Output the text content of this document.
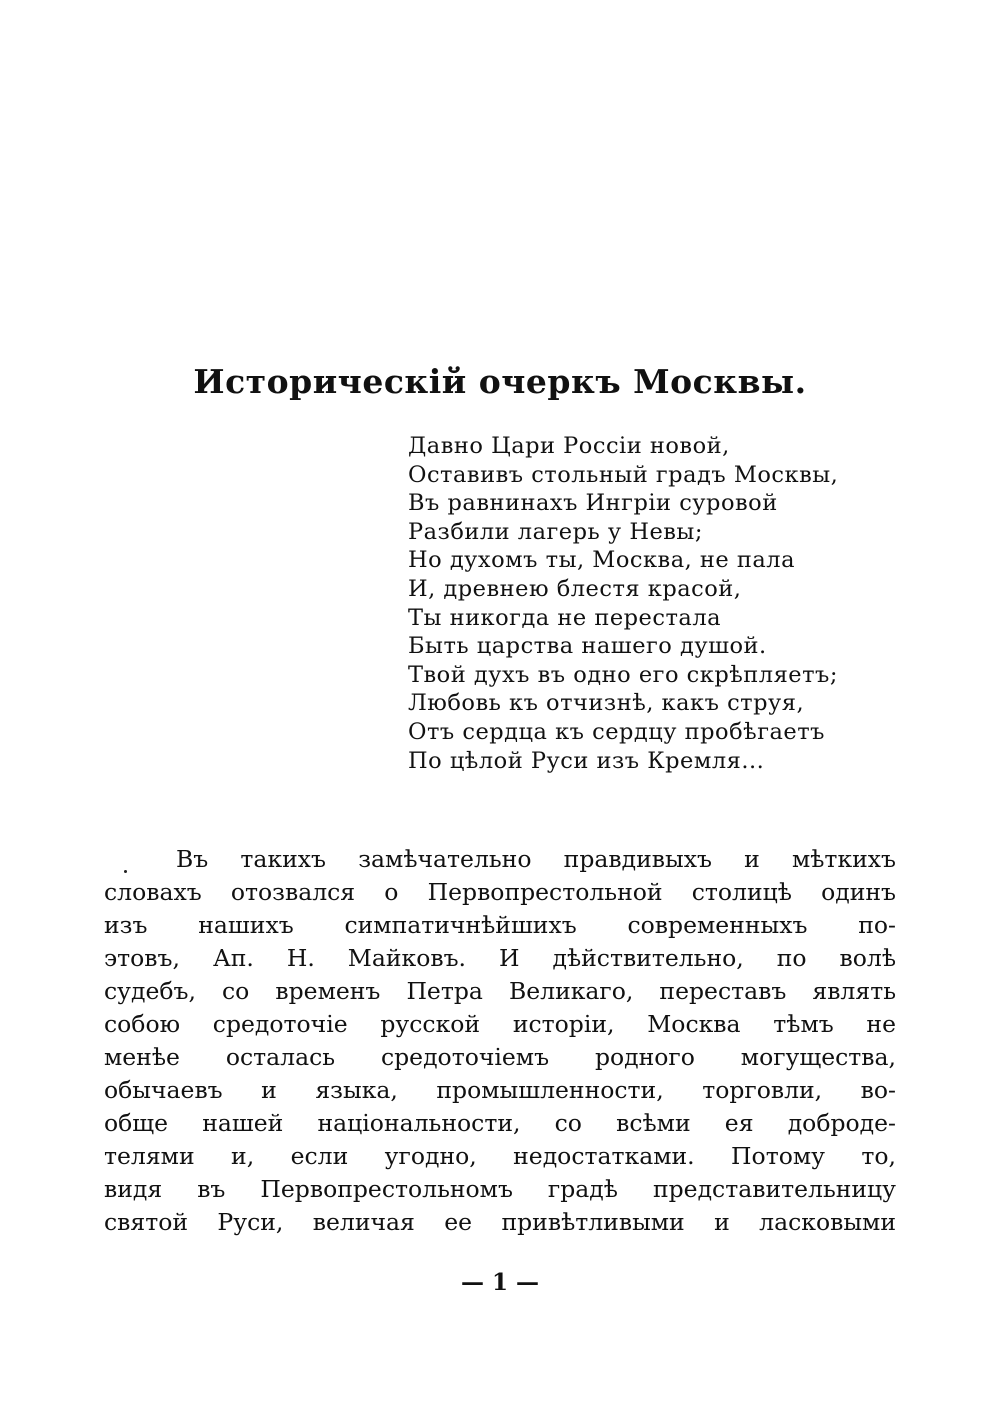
Историческій очеркъ Москвы.
Давно Цари Россіи новой,
Оставивъ стольный градъ Москвы,
Въ равнинахъ Ингріи суровой
Разбили лагерь у Невы;
Но духомъ ты, Москва, не пала
И, древнею блестя красой,
Ты никогда не перестала
Быть царства нашего душой.
Твой духъ въ одно его скрѣпляетъ;
Любовь къ отчизнѣ, какъ струя,
Отъ сердца къ сердцу пробѣгаетъ
По цѣлой Руси изъ Кремля...
Въ такихъ замѣчательно правдивыхъ и мѣткихъ
словахъ отозвался о Первопрестольной столицѣ одинъ
изъ нашихъ симпатичнѣйшихъ современныхъ по-
этовъ, Ап. Н. Майковъ. И дѣйствительно, по волѣ
судебъ, со временъ Петра Великаго, переставъ являть
собою средоточіе русской исторіи, Москва тѣмъ не
менѣе осталась средоточіемъ родного могущества,
обычаевъ и языка, промышленности, торговли, во-
обще нашей національности, со всѣми ея доброде-
телями и, если угодно, недостатками. Потому то,
видя въ Первопрестольномъ градѣ представительницу
святой Руси, величая ее привѣтливыми и ласковыми
— 1 —
